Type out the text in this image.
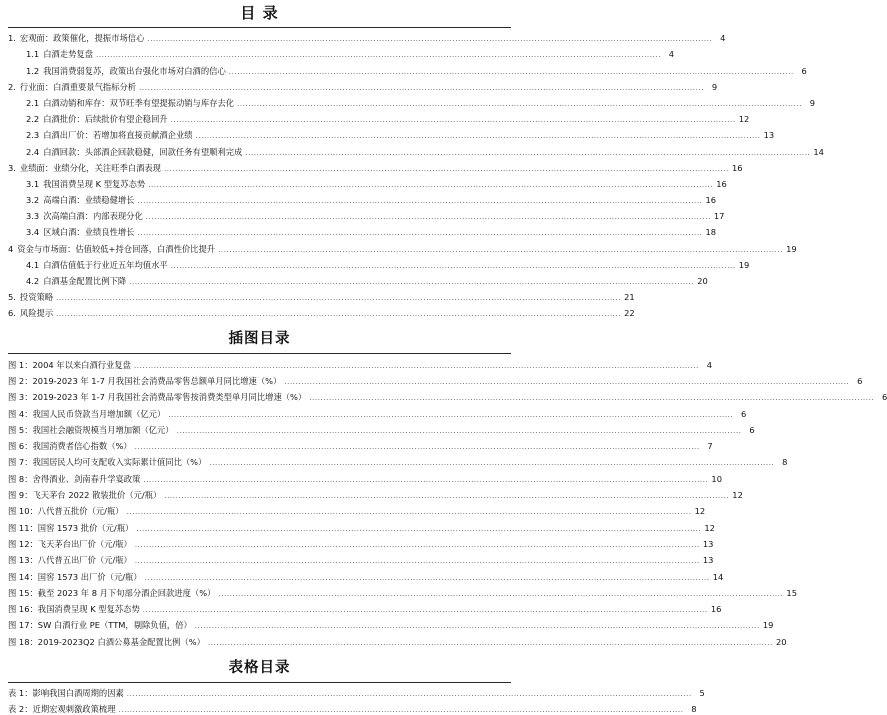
目 录
1. 宏观面：政策催化，提振市场信心 ........................................................................................................................................................................................................ 4
1.1 白酒走势复盘 ........................................................................................................................................................................................................ 4
1.2 我国消费弱复苏，政策出台强化市场对白酒的信心 ........................................................................................................................................................................................................ 6
2. 行业面：白酒重要景气指标分析 ........................................................................................................................................................................................................ 9
2.1 白酒动销和库存：双节旺季有望提振动销与库存去化 ........................................................................................................................................................................................................ 9
2.2 白酒批价：后续批价有望企稳回升 ........................................................................................................................................................................................................ 12
2.3 白酒出厂价：若增加将直接贡献酒企业绩 ........................................................................................................................................................................................................ 13
2.4 白酒回款：头部酒企回款稳健，回款任务有望顺利完成 ........................................................................................................................................................................................................ 14
3. 业绩面：业绩分化，关注旺季白酒表现 ........................................................................................................................................................................................................ 16
3.1 我国消费呈现 K 型复苏态势 ........................................................................................................................................................................................................ 16
3.2 高端白酒：业绩稳健增长 ........................................................................................................................................................................................................ 16
3.3 次高端白酒：内部表现分化 ........................................................................................................................................................................................................ 17
3.4 区域白酒：业绩良性增长 ........................................................................................................................................................................................................ 18
4 资金与市场面：估值较低+持仓回落，白酒性价比提升 ........................................................................................................................................................................................................ 19
4.1 白酒估值低于行业近五年均值水平 ........................................................................................................................................................................................................ 19
4.2 白酒基金配置比例下降 ........................................................................................................................................................................................................ 20
5. 投资策略 ........................................................................................................................................................................................................ 21
6. 风险提示 ........................................................................................................................................................................................................ 22
插图目录
图 1： 2004 年以来白酒行业复盘 ........................................................................................................................................................................................................ 4
图 2： 2019-2023 年 1-7 月我国社会消费品零售总额单月同比增速（%） ........................................................................................................................................................................................................ 6
图 3： 2019-2023 年 1-7 月我国社会消费品零售按消费类型单月同比增速（%） ........................................................................................................................................................................................................ 6
图 4： 我国人民币贷款当月增加额（亿元） ........................................................................................................................................................................................................ 6
图 5： 我国社会融资规模当月增加额（亿元） ........................................................................................................................................................................................................ 6
图 6： 我国消费者信心指数（%） ........................................................................................................................................................................................................ 7
图 7： 我国居民人均可支配收入实际累计值同比（%） ........................................................................................................................................................................................................ 8
图 8： 舍得酒业、剑南春升学宴政策 ........................................................................................................................................................................................................ 10
图 9： 飞天茅台 2022 散装批价（元/瓶） ........................................................................................................................................................................................................ 12
图 10： 八代普五批价（元/瓶） ........................................................................................................................................................................................................ 12
图 11： 国窖 1573 批价（元/瓶） ........................................................................................................................................................................................................ 12
图 12： 飞天茅台出厂价（元/瓶） ........................................................................................................................................................................................................ 13
图 13： 八代普五出厂价（元/瓶） ........................................................................................................................................................................................................ 13
图 14： 国窖 1573 出厂价（元/瓶） ........................................................................................................................................................................................................ 14
图 15： 截至 2023 年 8 月下旬部分酒企回款进度（%） ........................................................................................................................................................................................................ 15
图 16： 我国消费呈现 K 型复苏态势 ........................................................................................................................................................................................................ 16
图 17： SW 白酒行业 PE（TTM，剔除负值，倍） ........................................................................................................................................................................................................ 19
图 18： 2019-2023Q2 白酒公募基金配置比例（%） ........................................................................................................................................................................................................ 20
表格目录
表 1： 影响我国白酒周期的因素 ........................................................................................................................................................................................................ 5
表 2： 近期宏观刺激政策梳理 ........................................................................................................................................................................................................ 8
